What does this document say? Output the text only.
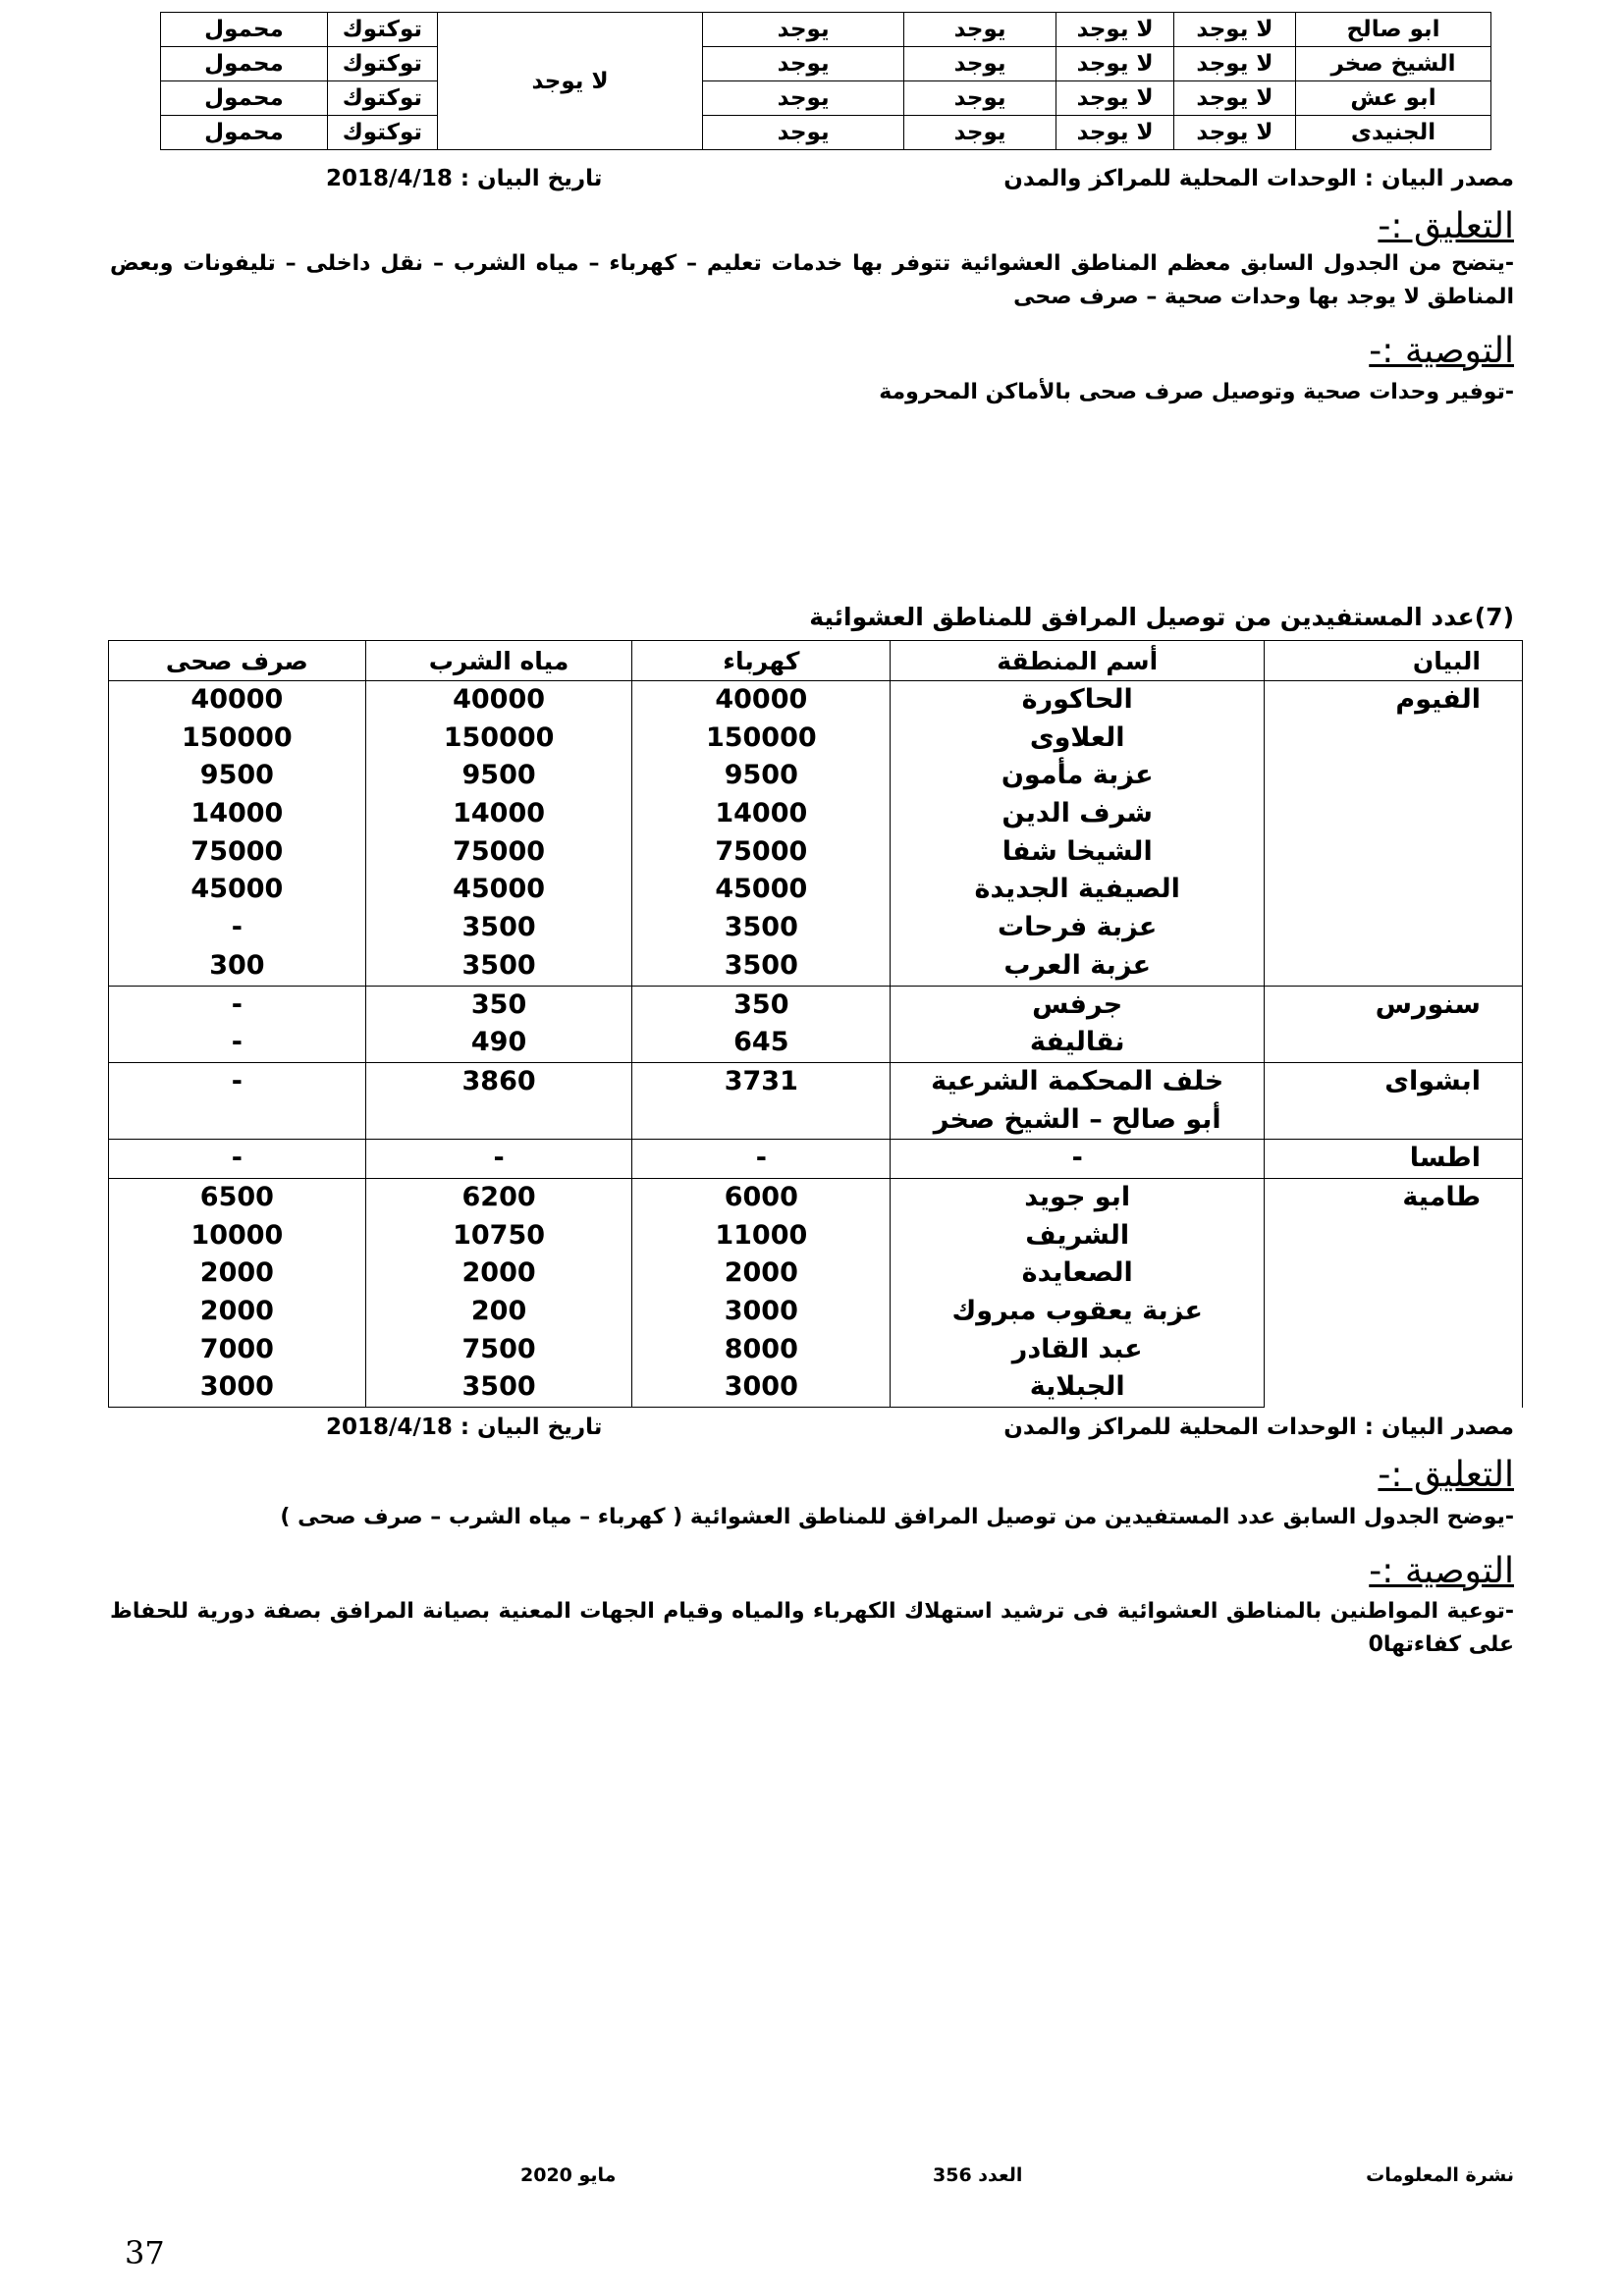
ابو صالح	لا يوجد	لا يوجد	يوجد	يوجد	لا يوجد	توكتوك	محمول
الشيخ صخر	لا يوجد	لا يوجد	يوجد	يوجد		توكتوك	محمول
ابو عش	لا يوجد	لا يوجد	يوجد	يوجد		توكتوك	محمول
الجنيدى	لا يوجد	لا يوجد	يوجد	يوجد		توكتوك	محمول
مصدر البيان : الوحدات المحلية للمراكز والمدن
تاريخ البيان : 2018/4/18
التعليق :-
-يتضح من الجدول السابق معظم المناطق العشوائية تتوفر بها خدمات تعليم – كهرباء – مياه الشرب – نقل داخلى – تليفونات وبعض المناطق لا يوجد بها وحدات صحية – صرف صحى
التوصية :-
-توفير وحدات صحية وتوصيل صرف صحى بالأماكن المحرومة
(7)عدد المستفيدين من توصيل المرافق للمناطق العشوائية
البيان	أسم المنطقة	كهرباء	مياه الشرب	صرف صحى
الفيوم	الحاكورة	40000	40000	40000
	العلاوى	150000	150000	150000
	عزبة مأمون	9500	9500	9500
	شرف الدين	14000	14000	14000
	الشيخا شفا	75000	75000	75000
	الصيفية الجديدة	45000	45000	45000
	عزبة فرحات	3500	3500	-
	عزبة العرب	3500	3500	300
سنورس	جرفس	350	350	-
	نقاليفة	645	490	-
ابشواى	خلف المحكمة الشرعية	3731	3860	-
	أبو صالح – الشيخ صخر			
اطسا	-	-	-	-
طامية	ابو جويد	6000	6200	6500
	الشريف	11000	10750	10000
	الصعايدة	2000	2000	2000
	عزبة يعقوب مبروك	3000	200	2000
	عبد القادر	8000	7500	7000
	الجبلاية	3000	3500	3000
مصدر البيان : الوحدات المحلية للمراكز والمدن
تاريخ البيان : 2018/4/18
التعليق :-
-يوضح الجدول السابق عدد المستفيدين من توصيل المرافق للمناطق العشوائية ( كهرباء – مياه الشرب – صرف صحى )
التوصية :-
-توعية المواطنين بالمناطق العشوائية فى ترشيد استهلاك الكهرباء والمياه وقيام الجهات المعنية بصيانة المرافق بصفة دورية للحفاظ على كفاءتها0
نشرة المعلومات
العدد 356
مايو 2020
37
